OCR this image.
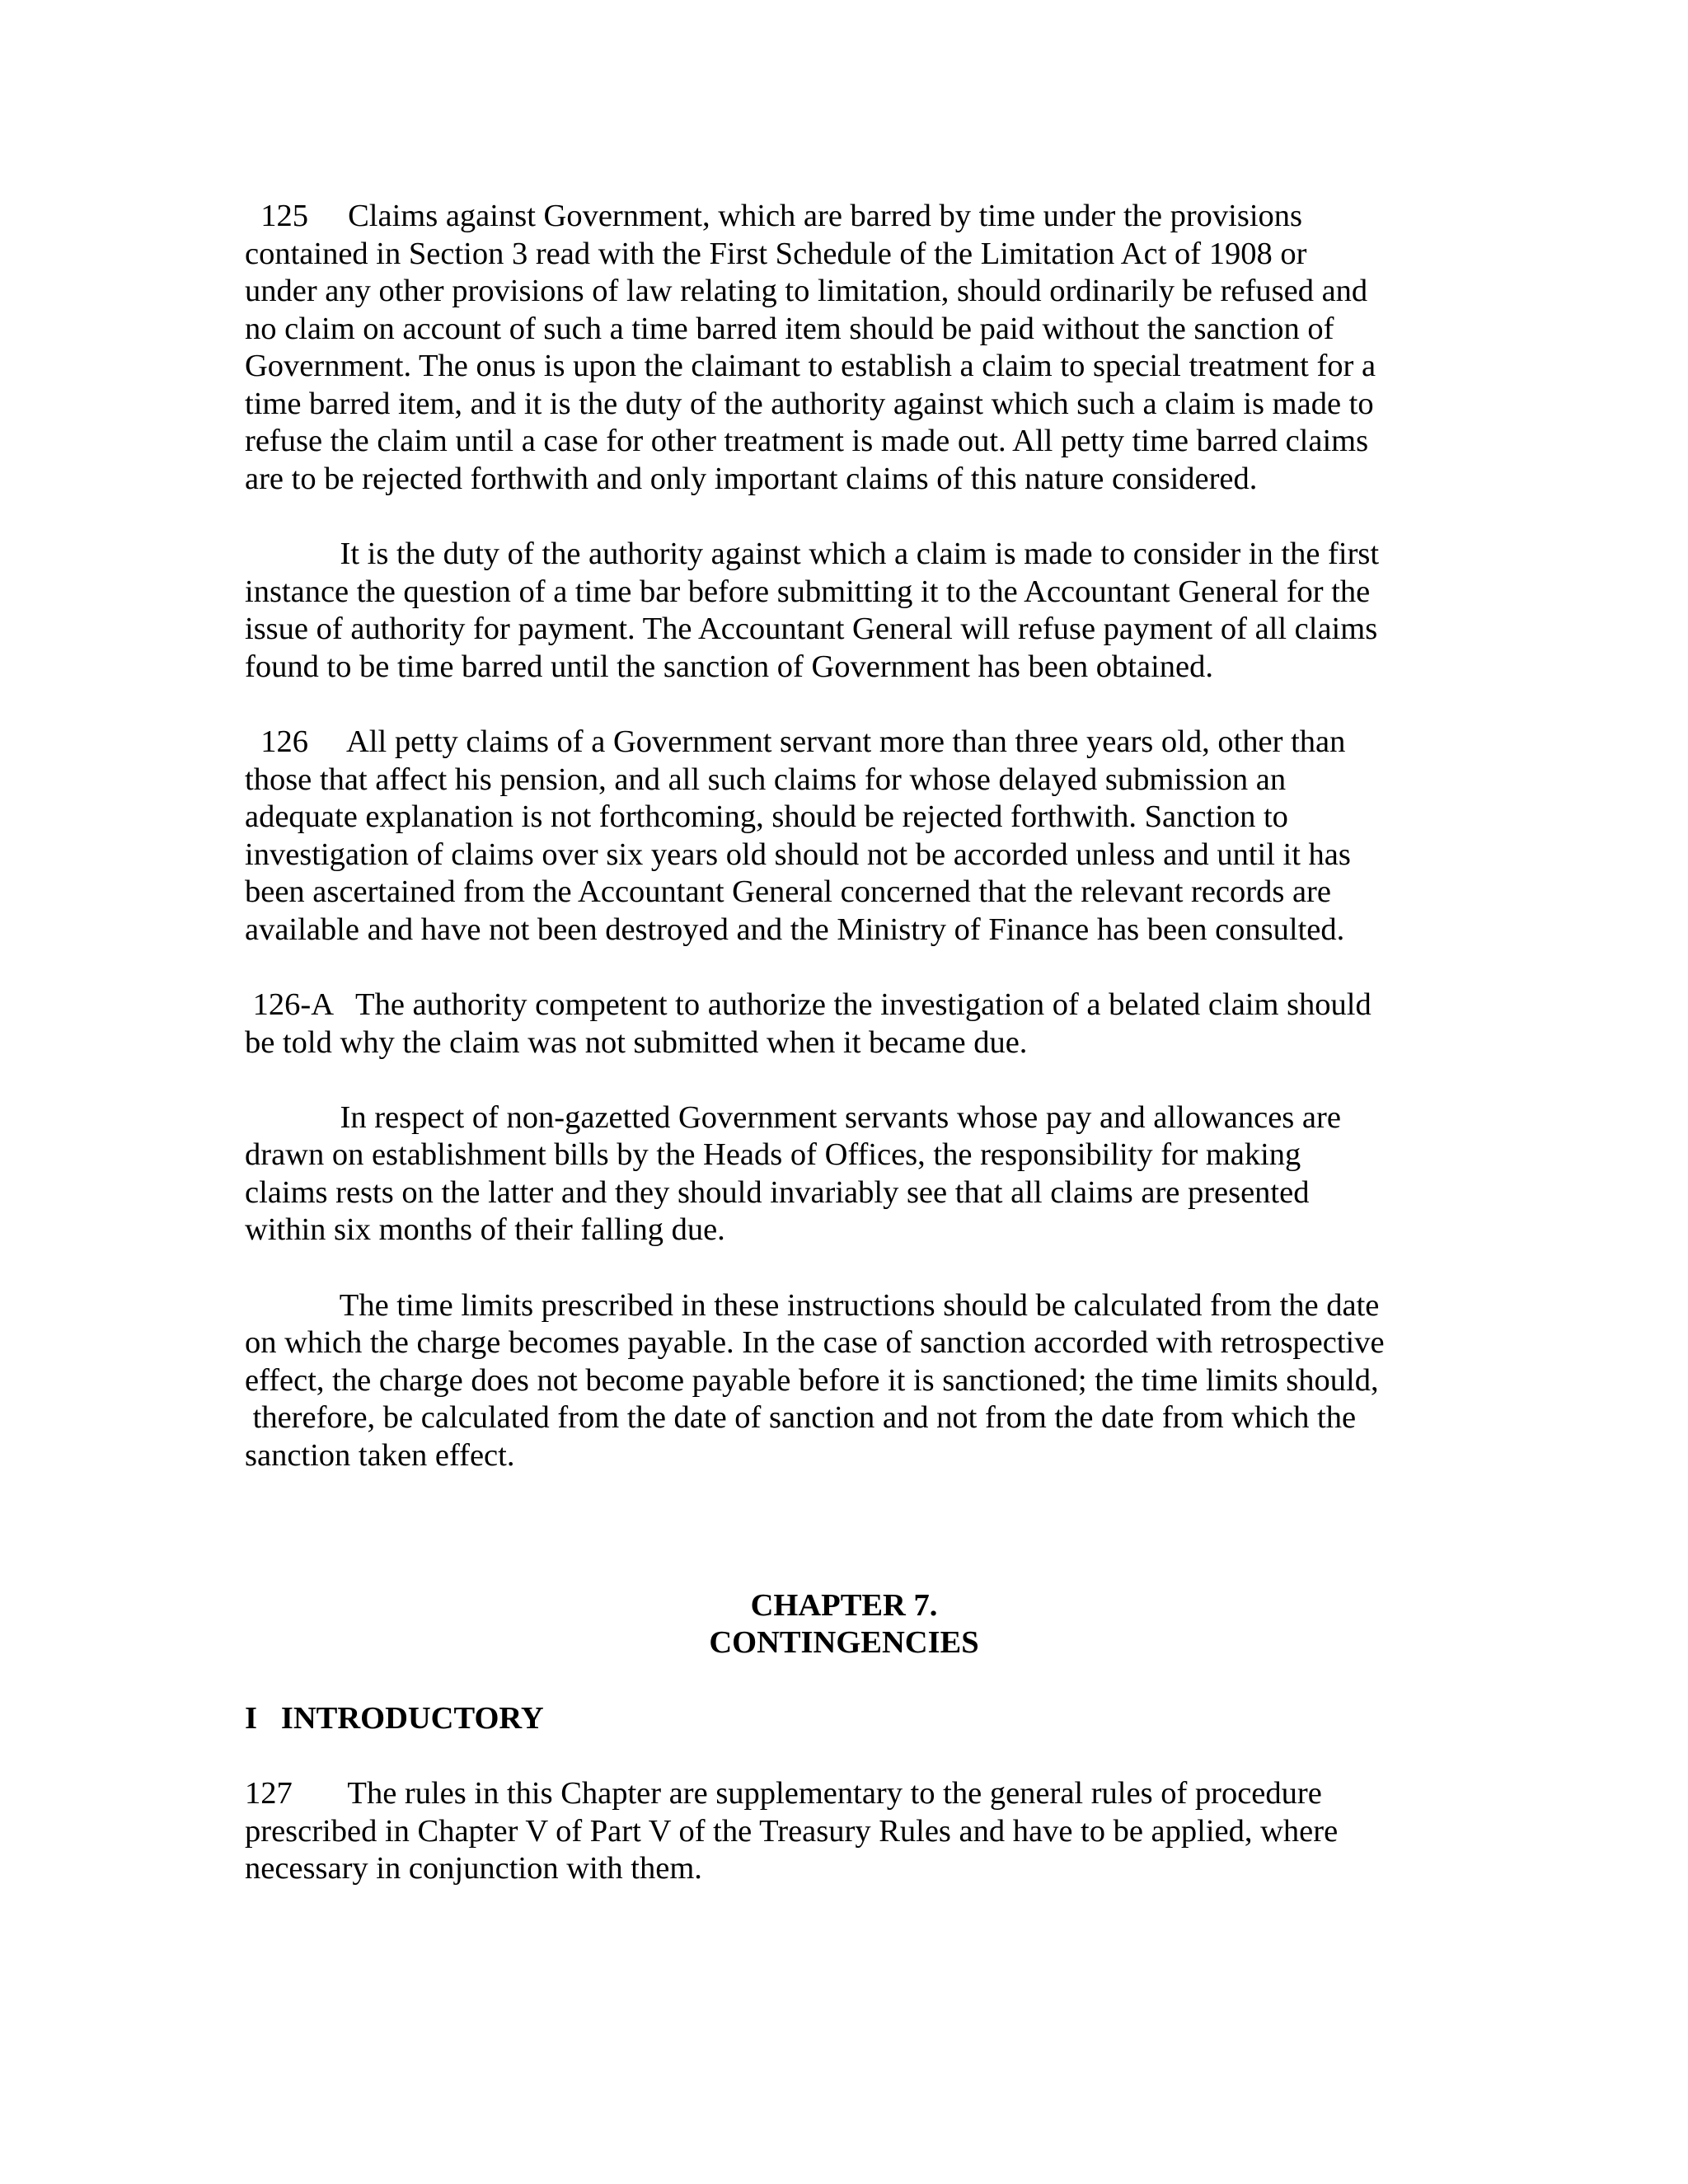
125     Claims against Government, which are barred by time under the provisions

contained in Section 3 read with the First Schedule of the Limitation Act of 1908 or

under any other provisions of law relating to limitation, should ordinarily be refused and

no claim on account of such a time barred item should be paid without the sanction of

Government. The onus is upon the claimant to establish a claim to special treatment for a

time barred item, and it is the duty of the authority against which such a claim is made to

refuse the claim until a case for other treatment is made out. All petty time barred claims

are to be rejected forthwith and only important claims of this nature considered.

It is the duty of the authority against which a claim is made to consider in the first

instance the question of a time bar before submitting it to the Accountant General for the

issue of authority for payment. The Accountant General will refuse payment of all claims

found to be time barred until the sanction of Government has been obtained.

126     All petty claims of a Government servant more than three years old, other than

those that affect his pension, and all such claims for whose delayed submission an

adequate explanation is not forthcoming, should be rejected forthwith. Sanction to

investigation of claims over six years old should not be accorded unless and until it has

been ascertained from the Accountant General concerned that the relevant records are

available and have not been destroyed and the Ministry of Finance has been consulted.

126-A   The authority competent to authorize the investigation of a belated claim should

be told why the claim was not submitted when it became due.

In respect of non-gazetted Government servants whose pay and allowances are

drawn on establishment bills by the Heads of Offices, the responsibility for making

claims rests on the latter and they should invariably see that all claims are presented

within six months of their falling due.

The time limits prescribed in these instructions should be calculated from the date

on which the charge becomes payable. In the case of sanction accorded with retrospective

effect, the charge does not become payable before it is sanctioned; the time limits should,

therefore, be calculated from the date of sanction and not from the date from which the

sanction taken effect.

CHAPTER 7.

CONTINGENCIES

I   INTRODUCTORY

127       The rules in this Chapter are supplementary to the general rules of procedure

prescribed in Chapter V of Part V of the Treasury Rules and have to be applied, where

necessary in conjunction with them.
